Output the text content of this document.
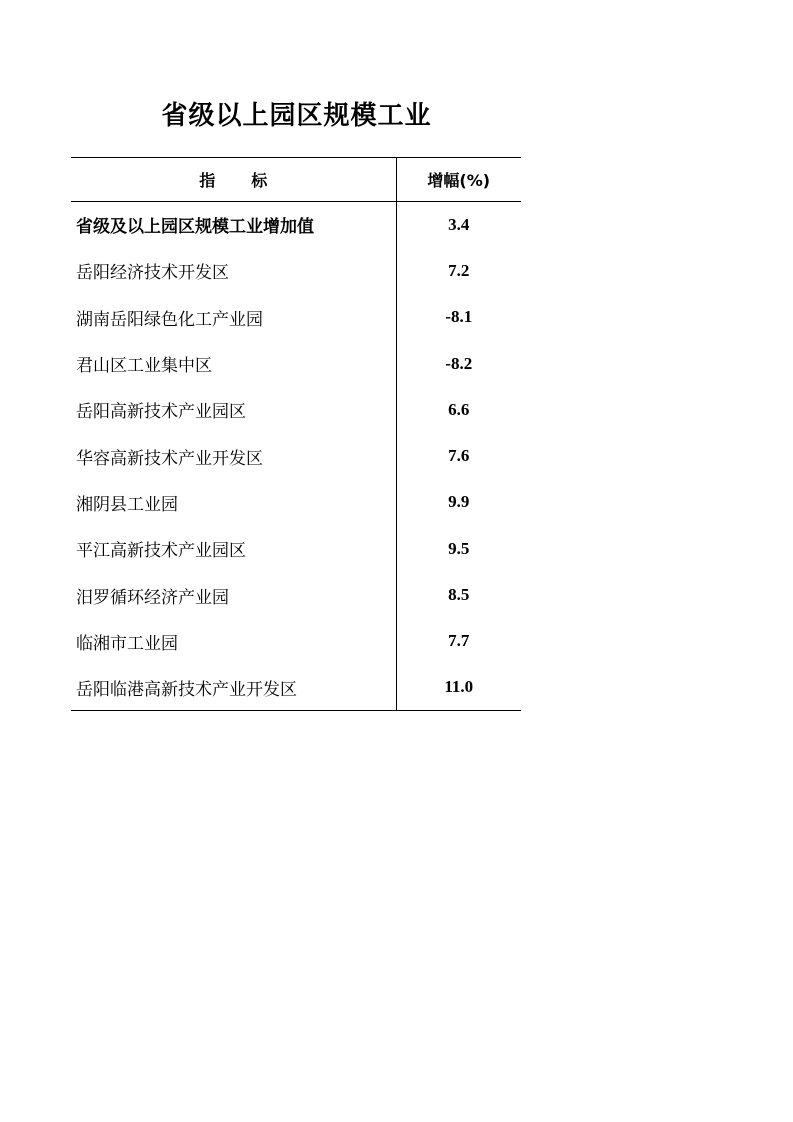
省级以上园区规模工业
指 标	增幅(%)
省级及以上园区规模工业增加值	3.4
岳阳经济技术开发区	7.2
湖南岳阳绿色化工产业园	-8.1
君山区工业集中区	-8.2
岳阳高新技术产业园区	6.6
华容高新技术产业开发区	7.6
湘阴县工业园	9.9
平江高新技术产业园区	9.5
汨罗循环经济产业园	8.5
临湘市工业园	7.7
岳阳临港高新技术产业开发区	11.0
